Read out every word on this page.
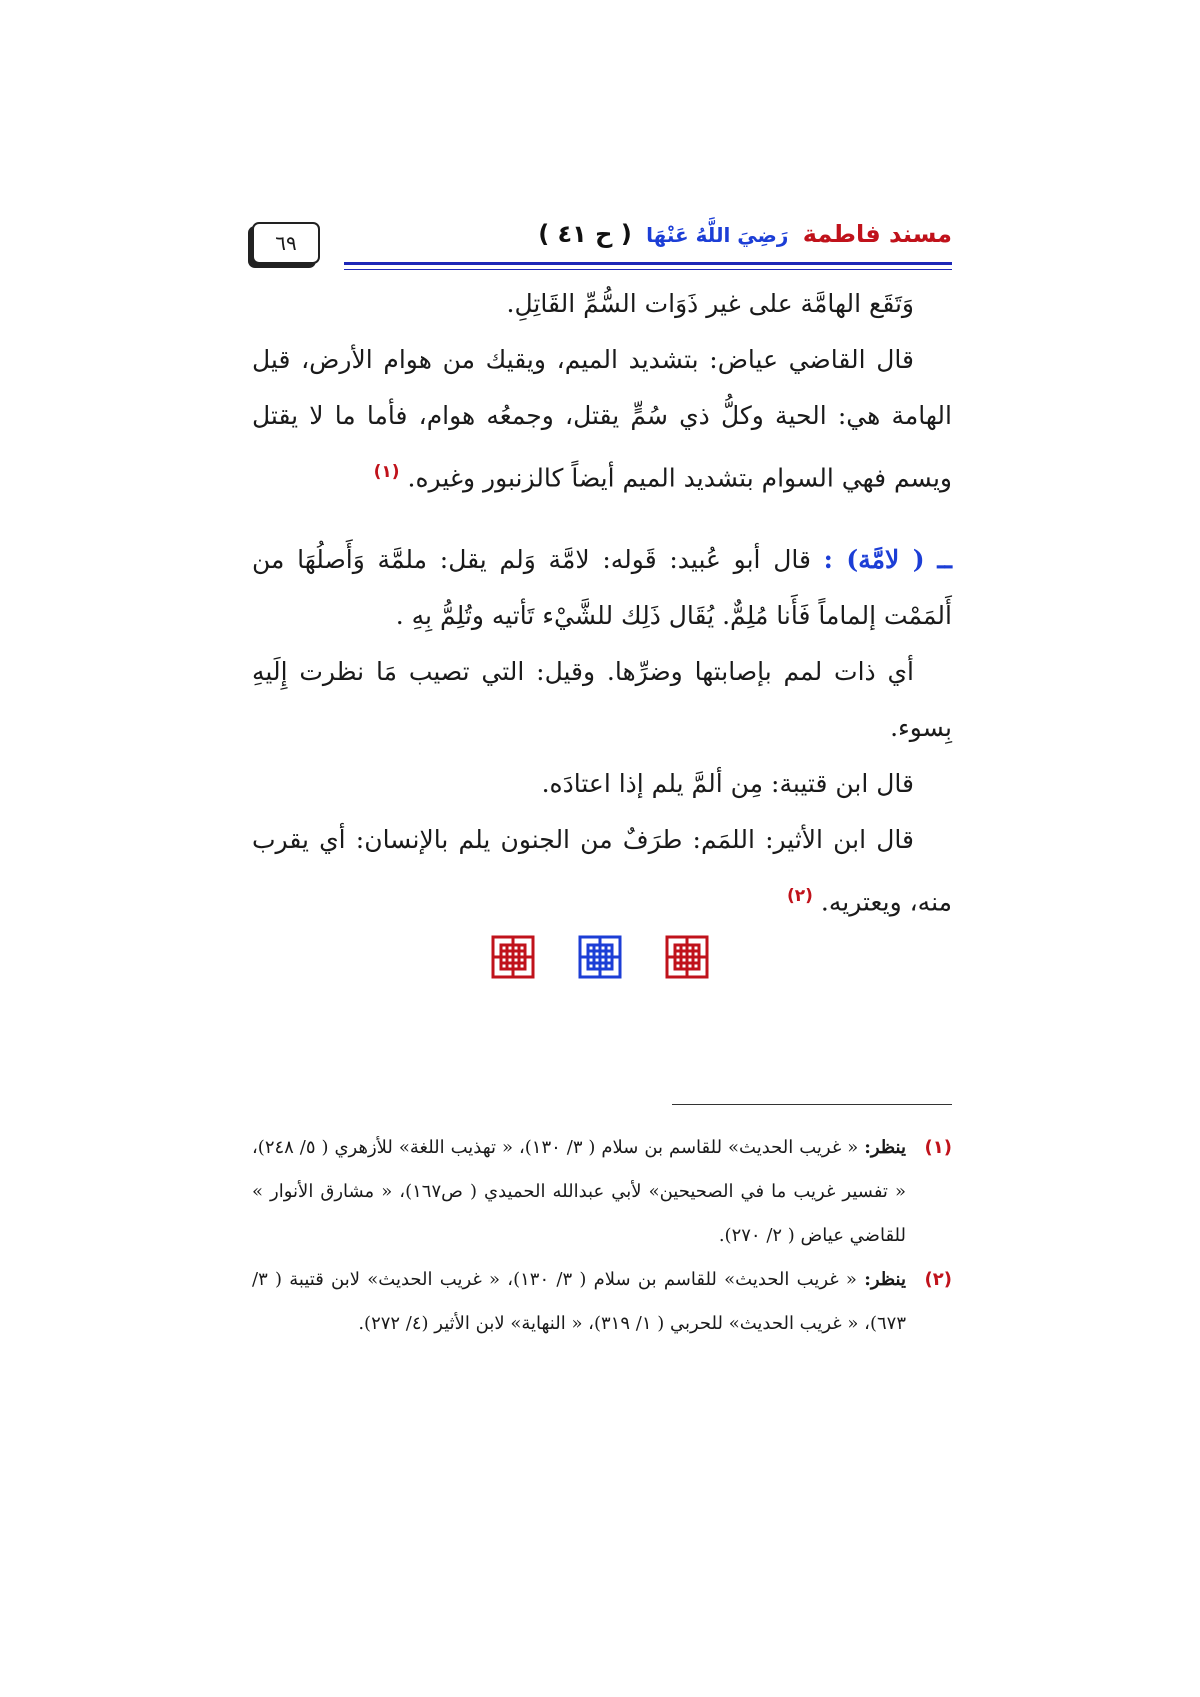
٦٩	مسند فاطمة رَضِيَ اللَّهُ عَنْهَا ( ح ٤١ )

وَتَقَع الهامَّة على غير ذَوَات السُّمِّ القَاتِلِ.

قال القاضي عياض: بتشديد الميم، ويقيك من هوام الأرض، قيل الهامة هي: الحية وكلُّ ذي سُمٍّ يقتل، وجمعُه هوام، فأما ما لا يقتل ويسم فهي السوام بتشديد الميم أيضاً كالزنبور وغيره. $^{(١)}$

ــ ( لامَّة) : قال أبو عُبيد: قَوله: لامَّة وَلم يقل: ملمَّة وَأَصلُهَا من أَلمَمْت إلماماً فَأَنا مُلِمٌّ. يُقَال ذَلِك للشَّيْء تَأتيه وتُلِمُّ بِهِ .

أي ذات لمم بإصابتها وضرِّها. وقيل: التي تصيب مَا نظرت إِلَيهِ بِسوء.

قال ابن قتيبة: مِن ألمَّ يلم إذا اعتادَه.

قال ابن الأثير: اللمَم: طرَفٌ من الجنون يلم بالإنسان: أي يقرب منه، ويعتريه. $^{(٢)}$

(١)
ينظر: « غريب الحديث» للقاسم بن سلام ( ٣/ ١٣٠)، « تهذيب اللغة» للأزهري ( ٥/ ٢٤٨)، « تفسير غريب ما في الصحيحين» لأبي عبدالله الحميدي ( ص١٦٧)، « مشارق الأنوار » للقاضي عياض ( ٢/ ٢٧٠).

(٢)
ينظر: « غريب الحديث» للقاسم بن سلام ( ٣/ ١٣٠)، « غريب الحديث» لابن قتيبة ( ٣/ ٦٧٣)، « غريب الحديث» للحربي ( ١/ ٣١٩)، « النهاية» لابن الأثير (٤/ ٢٧٢).
